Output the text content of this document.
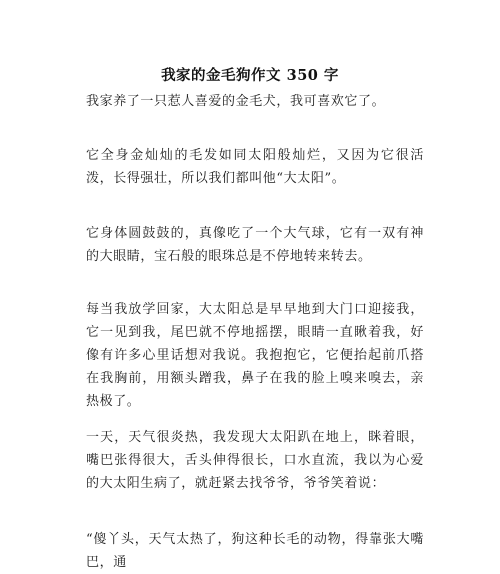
我家的金毛狗作文 350 字
我家养了一只惹人喜爱的金毛犬，我可喜欢它了。
它全身金灿灿的毛发如同太阳般灿烂，又因为它很活泼，长得强壮，所以我们都叫他“大太阳”。
它身体圆鼓鼓的，真像吃了一个大气球，它有一双有神的大眼睛，宝石般的眼珠总是不停地转来转去。
每当我放学回家，大太阳总是早早地到大门口迎接我，它一见到我，尾巴就不停地摇摆，眼睛一直瞅着我，好像有许多心里话想对我说。我抱抱它，它便抬起前爪搭在我胸前，用额头蹭我，鼻子在我的脸上嗅来嗅去，亲热极了。
一天，天气很炎热，我发现大太阳趴在地上，眯着眼，嘴巴张得很大，舌头伸得很长，口水直流，我以为心爱的大太阳生病了，就赶紧去找爷爷，爷爷笑着说：
“傻丫头，天气太热了，狗这种长毛的动物，得靠张大嘴巴，通
